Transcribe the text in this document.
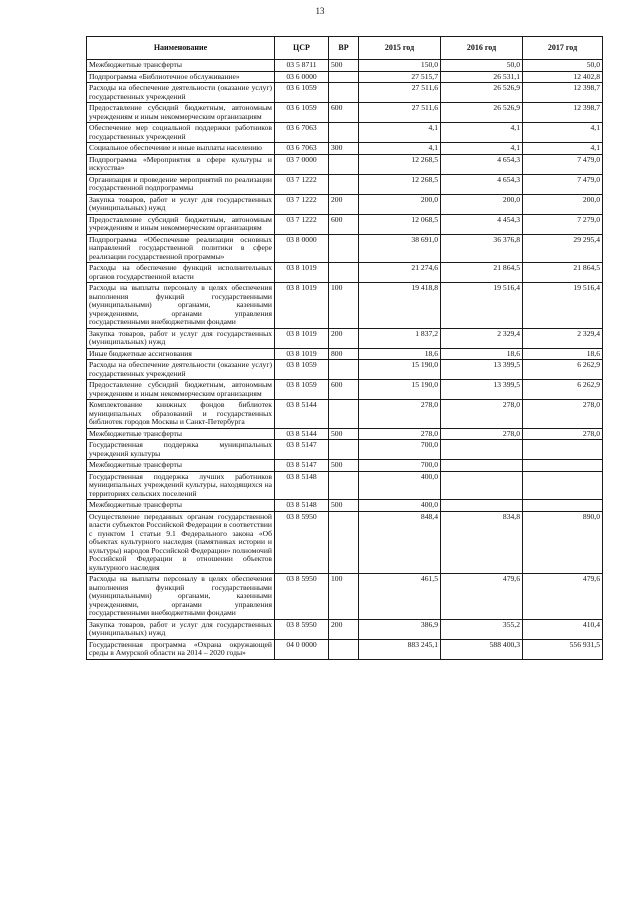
13
Наименование	ЦСР	ВР	2015 год	2016 год	2017 год
Межбюджетные трансферты	03 5 8711	500	150,0	50,0	50,0
Подпрограмма «Библиотечное обслуживание»	03 6 0000		27 515,7	26 531,1	12 402,8
Расходы на обеспечение деятельности (оказание услуг) государственных учреждений	03 6 1059		27 511,6	26 526,9	12 398,7
Предоставление субсидий бюджетным, автономным учреждениям и иным некоммерческим организациям	03 6 1059	600	27 511,6	26 526,9	12 398,7
Обеспечение мер социальной поддержки работников государственных учреждений	03 6 7063		4,1	4,1	4,1
Социальное обеспечение и иные выплаты населению	03 6 7063	300	4,1	4,1	4,1
Подпрограмма «Мероприятия в сфере культуры и искусства»	03 7 0000		12 268,5	4 654,3	7 479,0
Организация и проведение мероприятий по реализации государственной подпрограммы	03 7 1222		12 268,5	4 654,3	7 479,0
Закупка товаров, работ и услуг для государственных (муниципальных) нужд	03 7 1222	200	200,0	200,0	200,0
Предоставление субсидий бюджетным, автономным учреждениям и иным некоммерческим организациям	03 7 1222	600	12 068,5	4 454,3	7 279,0
Подпрограмма «Обеспечение реализации основных направлений государственной политики в сфере реализации государственной программы»	03 8 0000		38 691,0	36 376,8	29 295,4
Расходы на обеспечение функций исполнительных органов государственной власти	03 8 1019		21 274,6	21 864,5	21 864,5
Расходы на выплаты персоналу в целях обеспечения выполнения функций государственными (муниципальными) органами, казенными учреждениями, органами управления государственными внебюджетными фондами	03 8 1019	100	19 418,8	19 516,4	19 516,4
Закупка товаров, работ и услуг для государственных (муниципальных) нужд	03 8 1019	200	1 837,2	2 329,4	2 329,4
Иные бюджетные ассигнования	03 8 1019	800	18,6	18,6	18,6
Расходы на обеспечение деятельности (оказание услуг) государственных учреждений	03 8 1059		15 190,0	13 399,5	6 262,9
Предоставление субсидий бюджетным, автономным учреждениям и иным некоммерческим организациям	03 8 1059	600	15 190,0	13 399,5	6 262,9
Комплектование книжных фондов библиотек муниципальных образований и государственных библиотек городов Москвы и Санкт-Петербурга	03 8 5144		278,0	278,0	278,0
Межбюджетные трансферты	03 8 5144	500	278,0	278,0	278,0
Государственная поддержка муниципальных учреждений культуры	03 8 5147		700,0		
Межбюджетные трансферты	03 8 5147	500	700,0		
Государственная поддержка лучших работников муниципальных учреждений культуры, находящихся на территориях сельских поселений	03 8 5148		400,0		
Межбюджетные трансферты	03 8 5148	500	400,0		
Осуществление переданных органам государственной власти субъектов Российской Федерации в соответствии с пунктом 1 статьи 9.1 Федерального закона «Об объектах культурного наследия (памятниках истории и культуры) народов Российской Федерации» полномочий Российской Федерации в отношении объектов культурного наследия	03 8 5950		848,4	834,8	890,0
Расходы на выплаты персоналу в целях обеспечения выполнения функций государственными (муниципальными) органами, казенными учреждениями, органами управления государственными внебюджетными фондами	03 8 5950	100	461,5	479,6	479,6
Закупка товаров, работ и услуг для государственных (муниципальных) нужд	03 8 5950	200	386,9	355,2	410,4
Государственная программа «Охрана окружающей среды в Амурской области на 2014 – 2020 годы»	04 0 0000		883 245,1	588 400,3	556 931,5
